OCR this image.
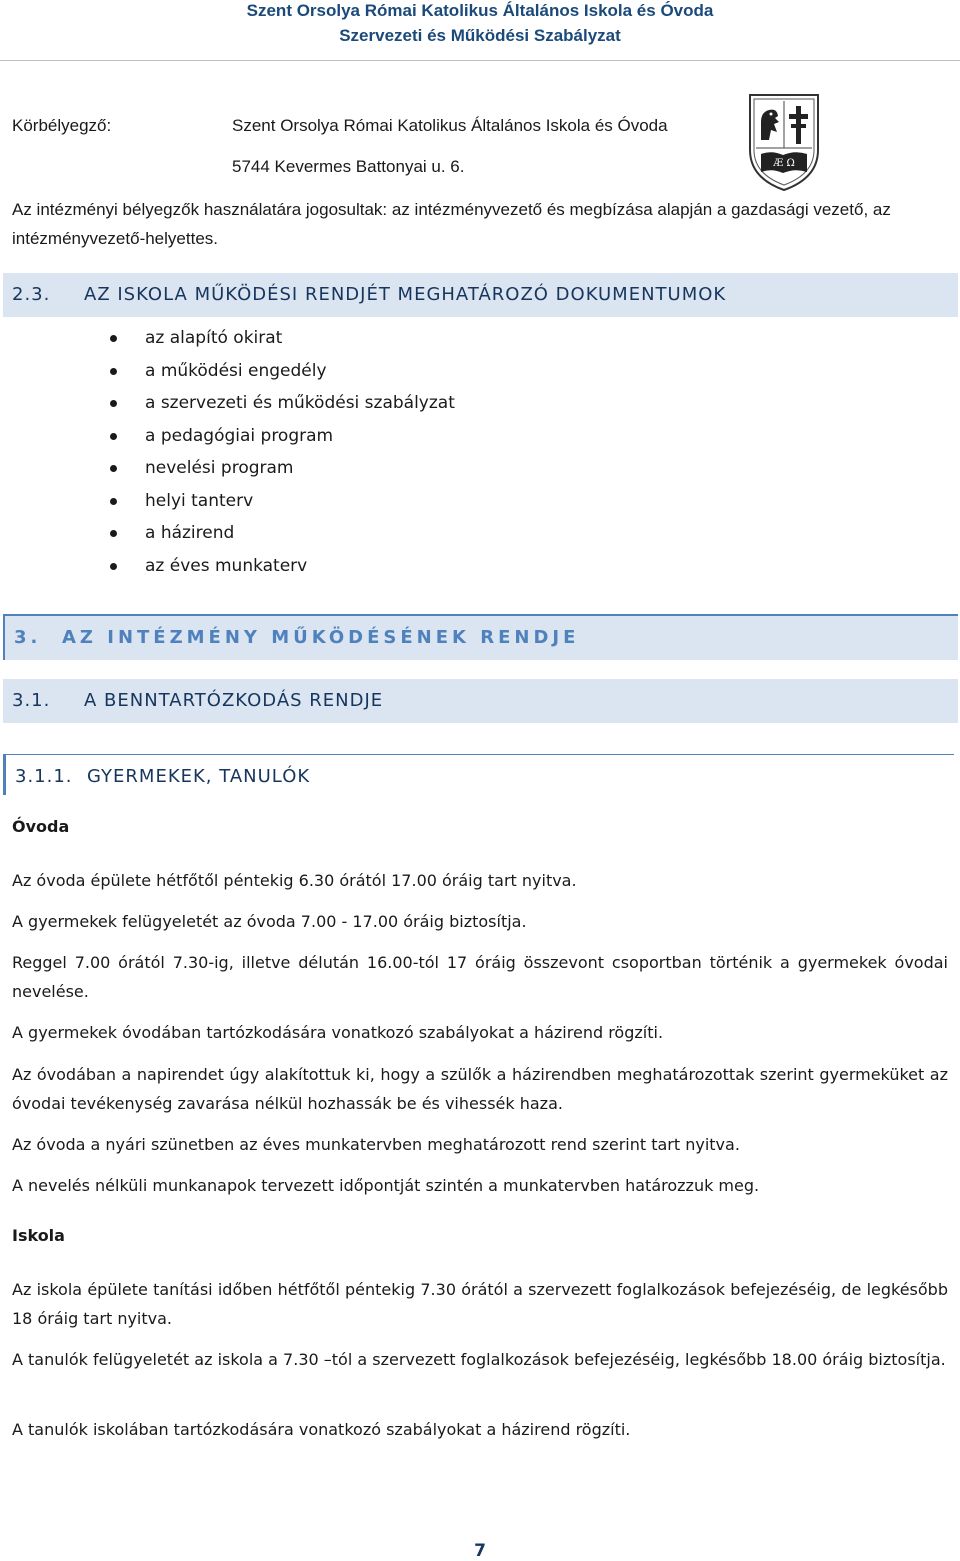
Szent Orsolya Római Katolikus Általános Iskola és Óvoda
Szervezeti és Működési Szabályzat
Körbélyegző:	Szent Orsolya Római Katolikus Általános Iskola és Óvoda
5744 Kevermes Battonyai u. 6.	Æ Ω
Az intézményi bélyegzők használatára jogosultak: az intézményvezető és megbízása alapján a gazdasági vezető, az intézményvezető-helyettes.
2.3. AZ ISKOLA MŰKÖDÉSI RENDJÉT MEGHATÁROZÓ DOKUMENTUMOK
az alapító okirat
a működési engedély
a szervezeti és működési szabályzat
a pedagógiai program
nevelési program
helyi tanterv
a házirend
az éves munkaterv
3. AZ INTÉZMÉNY MŰKÖDÉSÉNEK RENDJE
3.1. A BENNTARTÓZKODÁS RENDJE
3.1.1. GYERMEKEK, TANULÓK
Óvoda
Az óvoda épülete hétfőtől péntekig 6.30 órától 17.00 óráig tart nyitva.
A gyermekek felügyeletét az óvoda 7.00 - 17.00 óráig biztosítja.
Reggel 7.00 órától 7.30-ig, illetve délután 16.00-tól 17 óráig összevont csoportban történik a gyermekek óvodai nevelése.
A gyermekek óvodában tartózkodására vonatkozó szabályokat a házirend rögzíti.
Az óvodában a napirendet úgy alakítottuk ki, hogy a szülők a házirendben meghatározottak szerint gyermeküket az óvodai tevékenység zavarása nélkül hozhassák be és vihessék haza.
Az óvoda a nyári szünetben az éves munkatervben meghatározott rend szerint tart nyitva.
A nevelés nélküli munkanapok tervezett időpontját szintén a munkatervben határozzuk meg.
Iskola
Az iskola épülete tanítási időben hétfőtől péntekig 7.30 órától a szervezett foglalkozások befejezéséig, de legkésőbb 18 óráig tart nyitva.
A tanulók felügyeletét az iskola a 7.30 –tól a szervezett foglalkozások befejezéséig, legkésőbb 18.00 óráig biztosítja.
A tanulók iskolában tartózkodására vonatkozó szabályokat a házirend rögzíti.
7
